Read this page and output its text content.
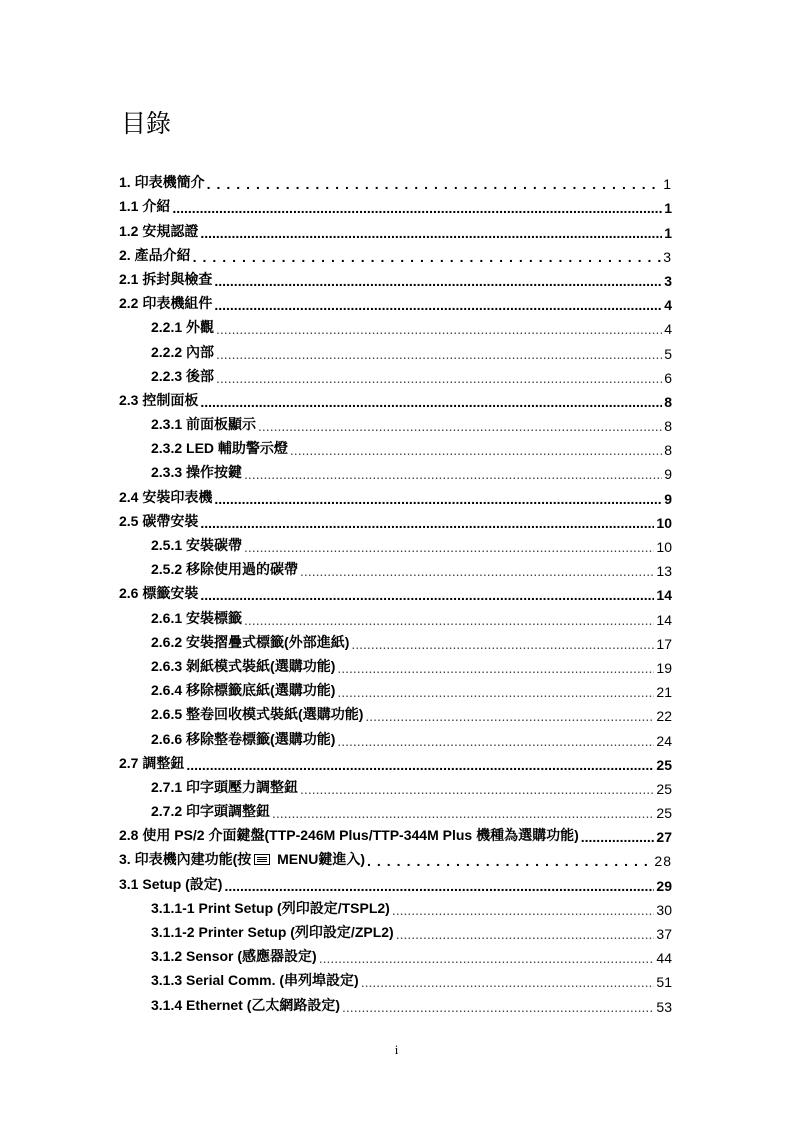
目錄
1. 印表機簡介 .....	1
1.1 介紹 .....	1
1.2 安規認證 .....	1
2. 產品介紹 .....	3
2.1 拆封與檢查 .....	3
2.2 印表機組件 .....	4
2.2.1 外觀 .....	4
2.2.2 內部 .....	5
2.2.3 後部 .....	6
2.3 控制面板 .....	8
2.3.1 前面板顯示 .....	8
2.3.2 LED 輔助警示燈 .....	8
2.3.3 操作按鍵 .....	9
2.4 安裝印表機 .....	9
2.5 碳帶安裝 .....	10
2.5.1 安裝碳帶 .....	10
2.5.2 移除使用過的碳帶 .....	13
2.6 標籤安裝 .....	14
2.6.1 安裝標籤 .....	14
2.6.2 安裝摺疊式標籤(外部進紙) .....	17
2.6.3 剝紙模式裝紙(選購功能) .....	19
2.6.4 移除標籤底紙(選購功能) .....	21
2.6.5 整卷回收模式裝紙(選購功能) .....	22
2.6.6 移除整卷標籤(選購功能) .....	24
2.7 調整鈕 .....	25
2.7.1 印字頭壓力調整鈕 .....	25
2.7.2 印字頭調整鈕 .....	25
2.8 使用 PS/2 介面鍵盤(TTP-246M Plus/TTP-344M Plus 機種為選購功能) .....	27
3. 印表機內建功能(按 MENU鍵進入) .....	28
3.1 Setup (設定) .....	29
3.1.1-1 Print Setup (列印設定/TSPL2) .....	30
3.1.1-2 Printer Setup (列印設定/ZPL2) .....	37
3.1.2 Sensor (感應器設定) .....	44
3.1.3 Serial Comm. (串列埠設定) .....	51
3.1.4 Ethernet (乙太網路設定) .....	53
i
